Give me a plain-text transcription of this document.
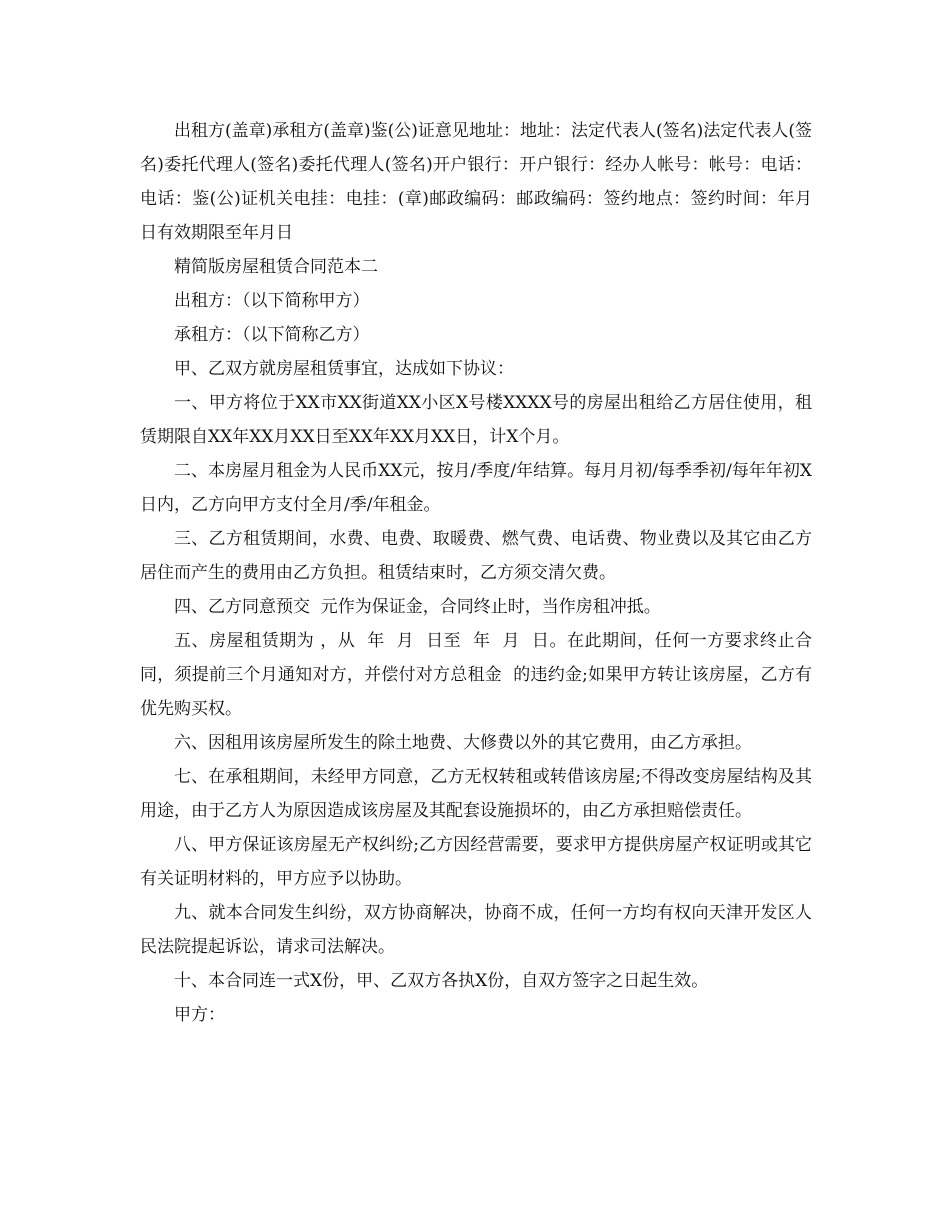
出租方(盖章)承租方(盖章)鉴(公)证意见地址：地址：法定代表人(签名)法定代表人(签名)委托代理人(签名)委托代理人(签名)开户银行：开户银行：经办人帐号：帐号：电话：电话：鉴(公)证机关电挂：电挂：(章)邮政编码：邮政编码：签约地点：签约时间：年月日有效期限至年月日

精简版房屋租赁合同范本二

出租方：（以下简称甲方）

承租方：（以下简称乙方）

甲、乙双方就房屋租赁事宜，达成如下协议：

一、甲方将位于XX市XX街道XX小区X号楼XXXX号的房屋出租给乙方居住使用，租赁期限自XX年XX月XX日至XX年XX月XX日，计X个月。

二、本房屋月租金为人民币XX元，按月/季度/年结算。每月月初/每季季初/每年年初X日内，乙方向甲方支付全月/季/年租金。

三、乙方租赁期间，水费、电费、取暖费、燃气费、电话费、物业费以及其它由乙方居住而产生的费用由乙方负担。租赁结束时，乙方须交清欠费。

四、乙方同意预交  元作为保证金，合同终止时，当作房租冲抵。

五、房屋租赁期为 ，从  年  月  日至  年  月  日。在此期间，任何一方要求终止合同，须提前三个月通知对方，并偿付对方总租金  的违约金;如果甲方转让该房屋，乙方有优先购买权。

六、因租用该房屋所发生的除土地费、大修费以外的其它费用，由乙方承担。

七、在承租期间，未经甲方同意，乙方无权转租或转借该房屋;不得改变房屋结构及其用途，由于乙方人为原因造成该房屋及其配套设施损坏的，由乙方承担赔偿责任。

八、甲方保证该房屋无产权纠纷;乙方因经营需要，要求甲方提供房屋产权证明或其它有关证明材料的，甲方应予以协助。

九、就本合同发生纠纷，双方协商解决，协商不成，任何一方均有权向天津开发区人民法院提起诉讼，请求司法解决。

十、本合同连一式X份，甲、乙双方各执X份，自双方签字之日起生效。

甲方：
